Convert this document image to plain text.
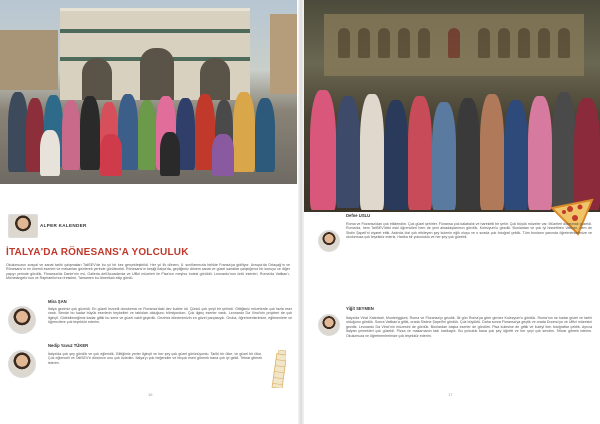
ALPER KALENDER
İTALYA'DA RÖNESANS'A YOLCULUK
Okulumuzun sosyal ve sanat tarihi çalışmaları TaliSEV'de bu yıl bir kez gerçekleştirildi. Her yıl ilk dönem, 6. sınıflarımızla birlikte Fransa'ya gidiliyor. Avrupa'da Ortaçağ'ın ve Rönesans'ın en önemli eserleri ve mekanları gezilerek yerinde görülecekti. Rönesans'ın beşiği İtalya'da, geçtiğimiz dönem sanat ve güzel sanatlar çalıştığımız bir konuyu ve diğer yapıyı yerinde gördük. Floransa'da Dante'nin evi, Galleria dell'Accademia ve Uffizi müzeleri ile Pisa'nın meşhur kulesi görüldü. Leonardo'nun ünlü eserleri, Roma'da Vatikan'ı, Michelangelo'nun ve Raphaello'nun freskleri, Tamamen bu Amerikalı ekip gördü.
Mira ŞAN
İtalya gezimiz çok güzeldi. En güzeli lezzetli dondurma ve Floransa'daki dev kubbe idi. Çünkü çok yeşil bir şehirdi. Gittiğimiz müzelerde çok fazla eser vardı. Bende bu kadar büyük eserlerin heykelleri ve tabloları olduğunu bilmiyordum. Çok ilginç eserler vardı. Leonardo Da Vinci'nin projeleri de çok ilginçti. Gidebileceğimiz kadar gittik bu sene ve güzel vakit geçirdik. Gezimiz dönemimizin en güzel parçasıydı. Gruba, öğretmenlerimize, eğitmenlere ve öğrencilere çok teşekkür ederim.
Nedip Yavuz TÜKER
İtalya'da çok şey gördük ve çok eğlendik. Gittiğimiz yerler ilginçti ve her şey çok güzel görünüyordu. Tarihi bir ülke, ve güzel bir ülke. Çok eğlenceli ve TaliSEV'e dönünce onu çok özledim. İtalya'yı çok beğendim ve birçok eseri görmek bana çok iyi geldi. Tekrar gitmek isterim.
16
Defne USLU
Roma ve Floransa'dan çok etkilendim. Çok güzel şehirler. Floransa çok kalabalık ve hareketli bir şehir. Çok büyük müzeler var. Müzeleri dolaşmak güzeldi. Roma'da, hem TaliSEV'deki eski öğrencileri hem de yeni arkadaşlarımızı gördük. Kolezyum'u gezdik. Bunlardan ve çok iyi hissettiren Vatikan, hem de Sistin Şapeli'ni ziyaret ettik. Aslında bizi çok etkileyen şey kulenin eğik oluşu ve o sırada çok fotoğraf çektik. Tüm bunların yanında öğretmenlerimize ve okulumuza çok teşekkür ederiz. Harika bir yolculuktu ve her şey çok güzeldi.
Yiğit SEYMEN
İtalya'da Vinci Katedrali, Monteriggioni, Roma ve Floransa'yı gezdik. İlk gün Roma'ya girer girmez Kolezyum'u gördük. Roma'nın ne kadar güzel ve tarihi olduğunu gördük. Sonra Vatikan'a gittik, orada Sistine Şapeli'ni gördük. Çok büyüktü. Daha sonra Floransa'ya geçtik ve orada Duomo'yu ve Uffizi müzesini gezdik. Leonardo Da Vinci'nin müzesini de gördük. Bunlardan başka eserler de gördüm. Pisa kulesine de gittik ve kuleyi iten fotoğraflar çektik. Ayrıca İtalyan yemekleri çok güzeldi. Pizza ve makarnanın tadı harikaydı. Bu yolculuk bana çok şey öğretti ve her şeyi çok sevdim. Tekrar gitmek isterim. Okulumuza ve öğretmenlerimize çok teşekkür ederim.
17
